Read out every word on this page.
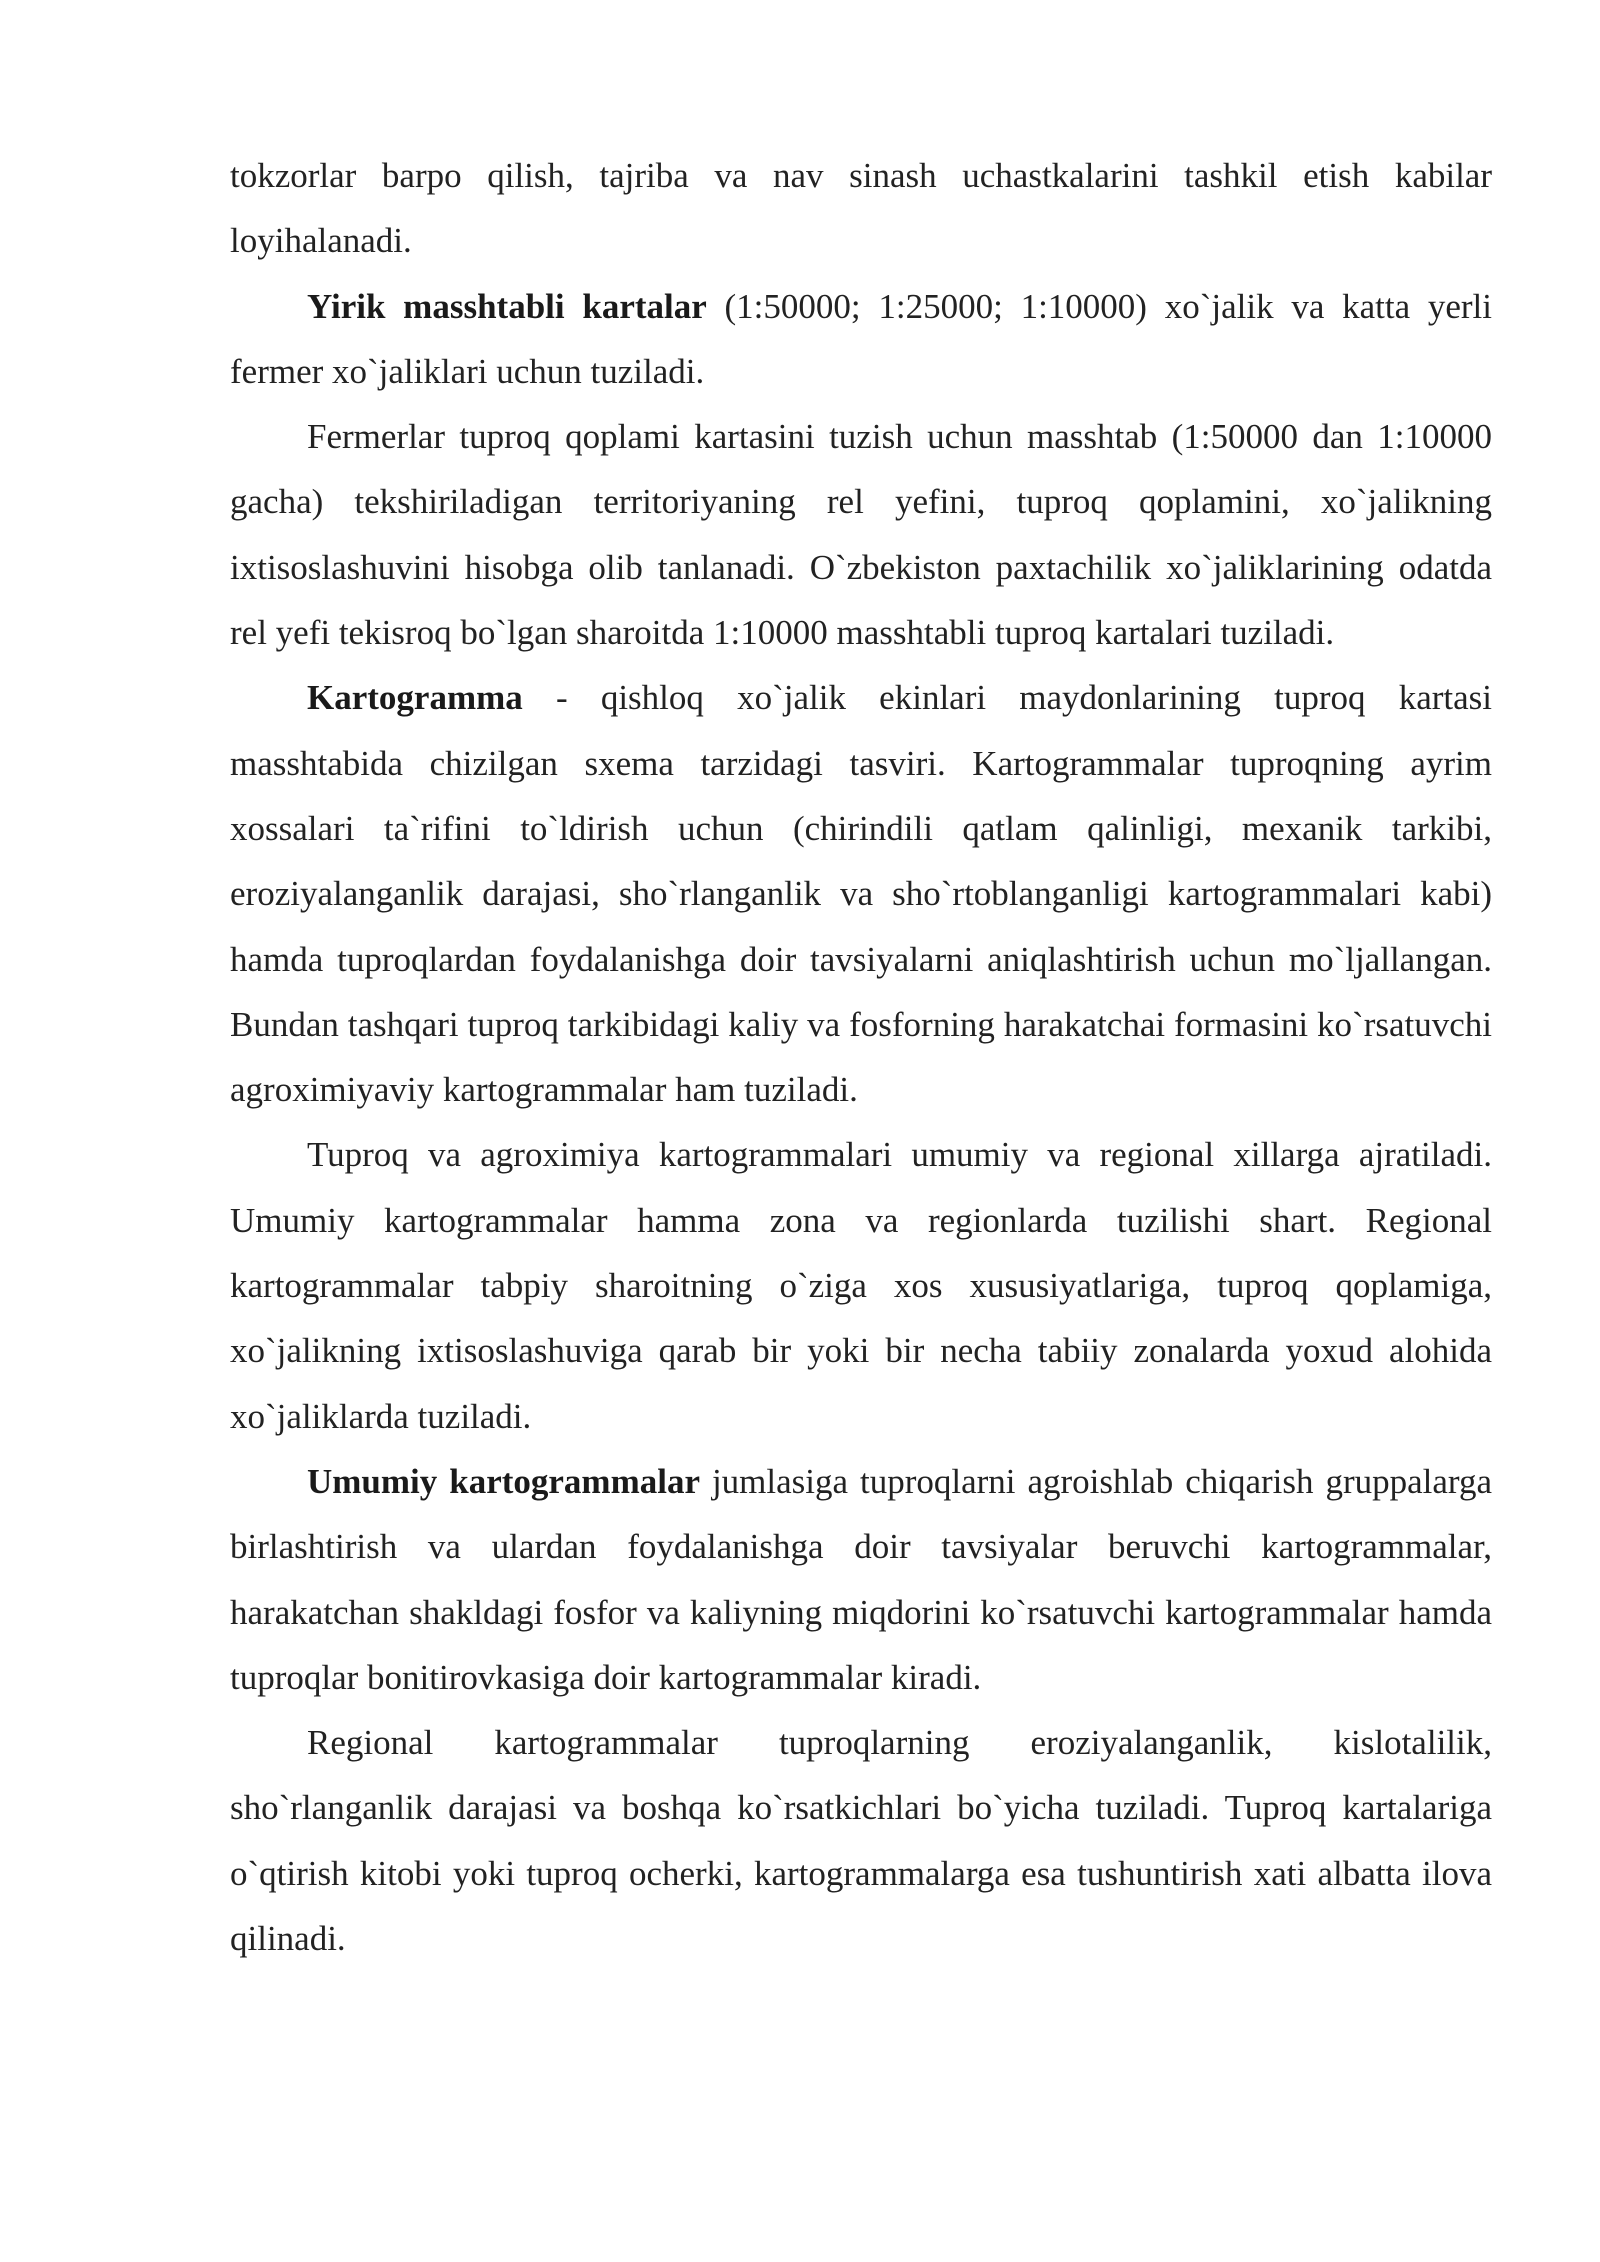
tokzorlar barpo qilish, tajriba va nav sinash uchastkalarini tashkil etish kabilar loyihalanadi.

Yirik masshtabli kartalar (1:50000; 1:25000; 1:10000) xo`jalik va katta yerli fermer xo`jaliklari uchun tuziladi.

Fermerlar tuproq qoplami kartasini tuzish uchun masshtab (1:50000 dan 1:10000 gacha) tekshiriladigan territoriyaning rel yefini, tuproq qoplamini, xo`jalikning ixtisoslashuvini hisobga olib tanlanadi. O`zbekiston paxtachilik xo`jaliklarining odatda rel yefi tekisroq bo`lgan sharoitda 1:10000 masshtabli tuproq kartalari tuziladi.

Kartogramma - qishloq xo`jalik ekinlari maydonlarining tuproq kartasi masshtabida chizilgan sxema tarzidagi tasviri. Kartogrammalar tuproqning ayrim xossalari ta`rifini to`ldirish uchun (chirindili qatlam qalinligi, mexanik tarkibi, eroziyalanganlik darajasi, sho`rlanganlik va sho`rtoblanganligi kartogrammalari kabi) hamda tuproqlardan foydalanishga doir tavsiyalarni aniqlashtirish uchun mo`ljallangan. Bundan tashqari tuproq tarkibidagi kaliy va fosforning harakatchai formasini ko`rsatuvchi agroximiyaviy kartogrammalar ham tuziladi.

Tuproq va agroximiya kartogrammalari umumiy va regional xillarga ajratiladi. Umumiy kartogrammalar hamma zona va regionlarda tuzilishi shart. Regional kartogrammalar tabpiy sharoitning o`ziga xos xususiyatlariga, tuproq qoplamiga, xo`jalikning ixtisoslashuviga qarab bir yoki bir necha tabiiy zonalarda yoxud alohida xo`jaliklarda tuziladi.

Umumiy kartogrammalar jumlasiga tuproqlarni agroishlab chiqarish gruppalarga birlashtirish va ulardan foydalanishga doir tavsiyalar beruvchi kartogrammalar, harakatchan shakldagi fosfor va kaliyning miqdorini ko`rsatuvchi kartogrammalar hamda tuproqlar bonitirovkasiga doir kartogrammalar kiradi.

Regional kartogrammalar tuproqlarning eroziyalanganlik, kislotalilik, sho`rlanganlik darajasi va boshqa ko`rsatkichlari bo`yicha tuziladi. Tuproq kartalariga o`qtirish kitobi yoki tuproq ocherki, kartogrammalarga esa tushuntirish xati albatta ilova qilinadi.
